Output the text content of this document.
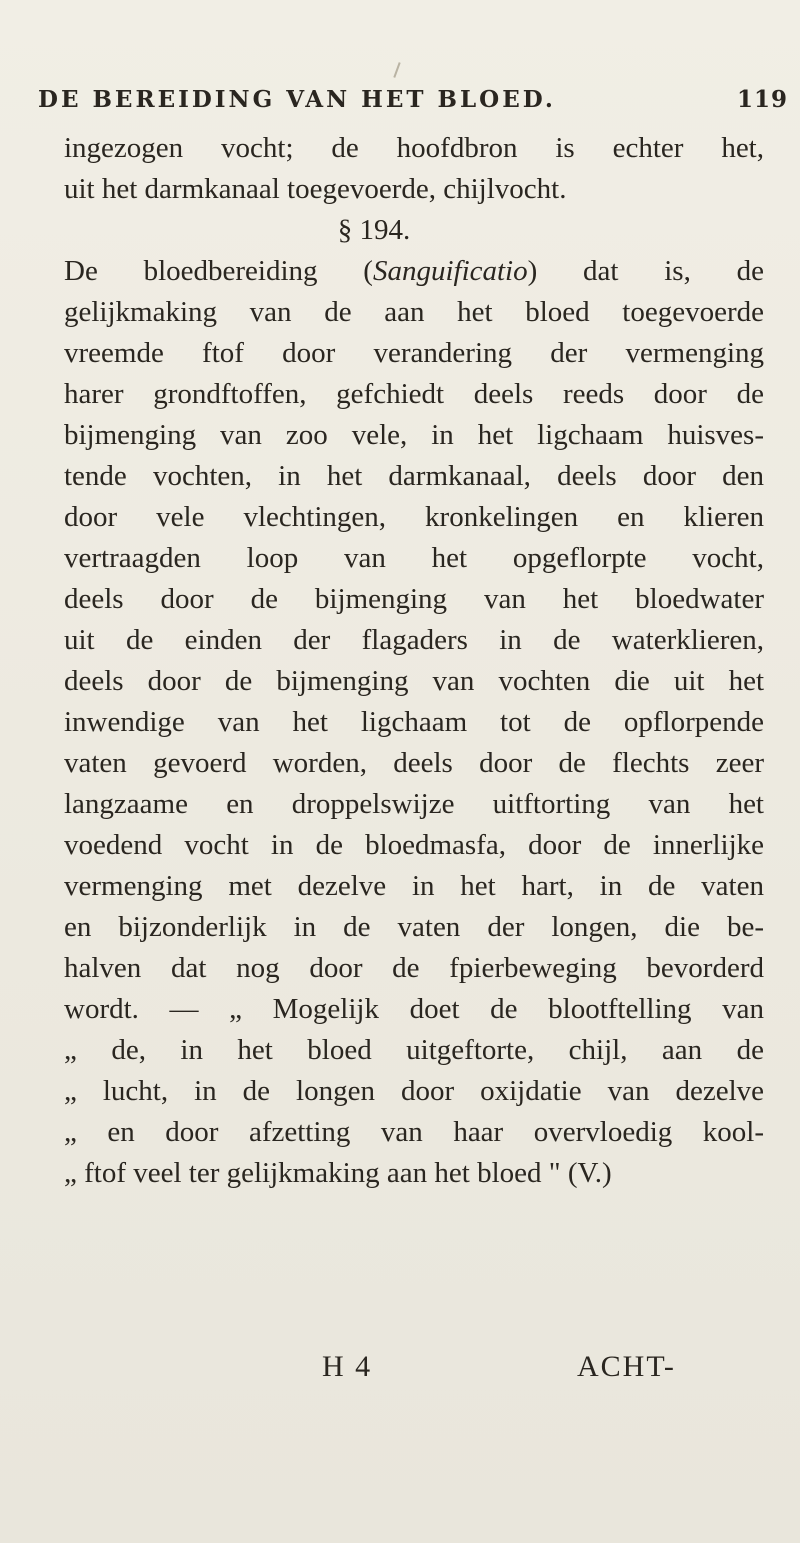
DE BEREIDING VAN HET BLOED.	119
ingezogen vocht; de hoofdbron is echter het,
uit het darmkanaal toegevoerde, chijlvocht.
§ 194.
De bloedbereiding (Sanguificatio) dat is, de
gelijkmaking van de aan het bloed toegevoerde
vreemde ftof door verandering der vermenging
harer grondftoffen, gefchiedt deels reeds door de
bijmenging van zoo vele, in het ligchaam huisves-
tende vochten, in het darmkanaal, deels door den
door vele vlechtingen, kronkelingen en klieren
vertraagden loop van het opgeflorpte vocht,
deels door de bijmenging van het bloedwater
uit de einden der flagaders in de waterklieren,
deels door de bijmenging van vochten die uit het
inwendige van het ligchaam tot de opflorpende
vaten gevoerd worden, deels door de flechts zeer
langzaame en droppelswijze uitftorting van het
voedend vocht in de bloedmasfa, door de innerlijke
vermenging met dezelve in het hart, in de vaten
en bijzonderlijk in de vaten der longen, die be-
halven dat nog door de fpierbeweging bevorderd
wordt. — „ Mogelijk doet de blootftelling van
„ de, in het bloed uitgeftorte, chijl, aan de
„ lucht, in de longen door oxijdatie van dezelve
„ en door afzetting van haar overvloedig kool-
„ ftof veel ter gelijkmaking aan het bloed " (V.)
H 4	ACHT-
